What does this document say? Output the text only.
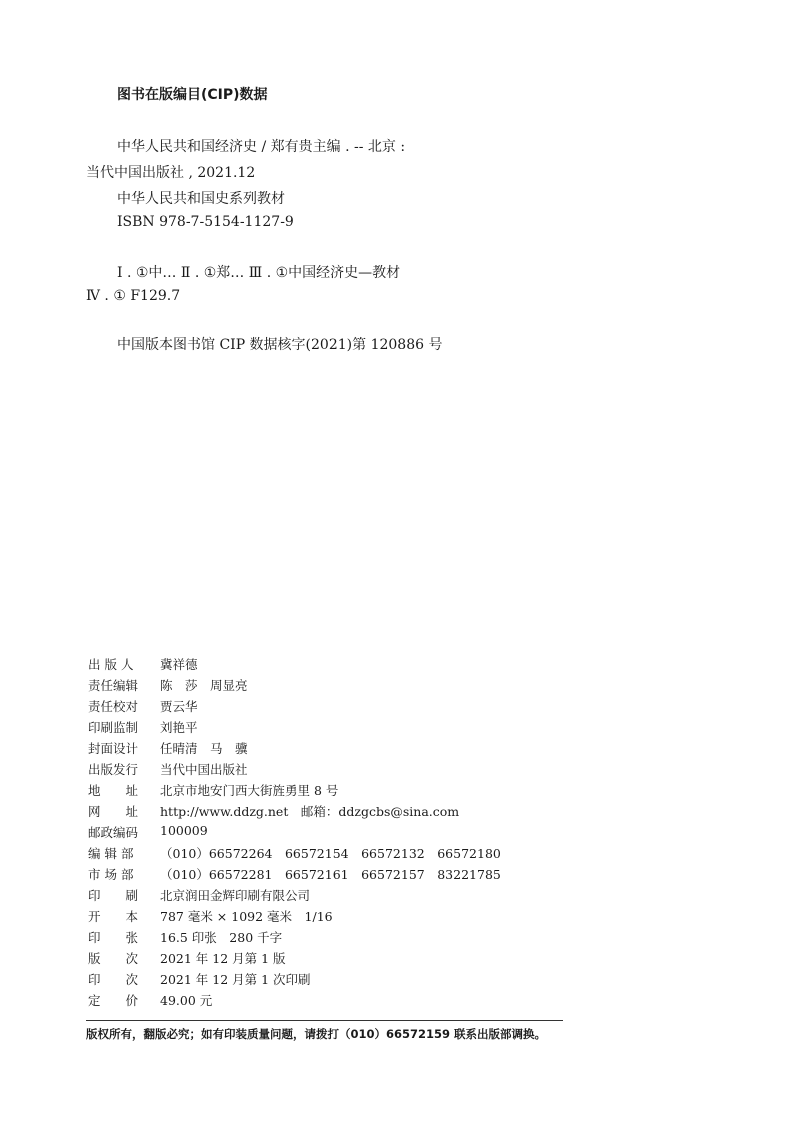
图书在版编目(CIP)数据
中华人民共和国经济史 / 郑有贵主编 . -- 北京 :
当代中国出版社 , 2021.12
中华人民共和国史系列教材
ISBN 978-7-5154-1127-9
Ⅰ . ①中… Ⅱ . ①郑… Ⅲ . ①中国经济史—教材
Ⅳ . ① F129.7
中国版本图书馆 CIP 数据核字(2021)第 120886 号
出 版 人 冀祥德
责任编辑 陈　莎　周显亮
责任校对 贾云华
印刷监制 刘艳平
封面设计 任晴清　马　骥
出版发行 当代中国出版社
地　　址 北京市地安门西大街旌勇里 8 号
网　　址 http://www.ddzg.net　邮箱：ddzgcbs@sina.com
邮政编码 100009
编 辑 部 （010）66572264　66572154　66572132　66572180
市 场 部 （010）66572281　66572161　66572157　83221785
印　　刷 北京润田金辉印刷有限公司
开　　本 787 毫米 × 1092 毫米　1/16
印　　张 16.5 印张　280 千字
版　　次 2021 年 12 月第 1 版
印　　次 2021 年 12 月第 1 次印刷
定　　价 49.00 元
版权所有，翻版必究；如有印装质量问题，请拨打（010）66572159 联系出版部调换。
